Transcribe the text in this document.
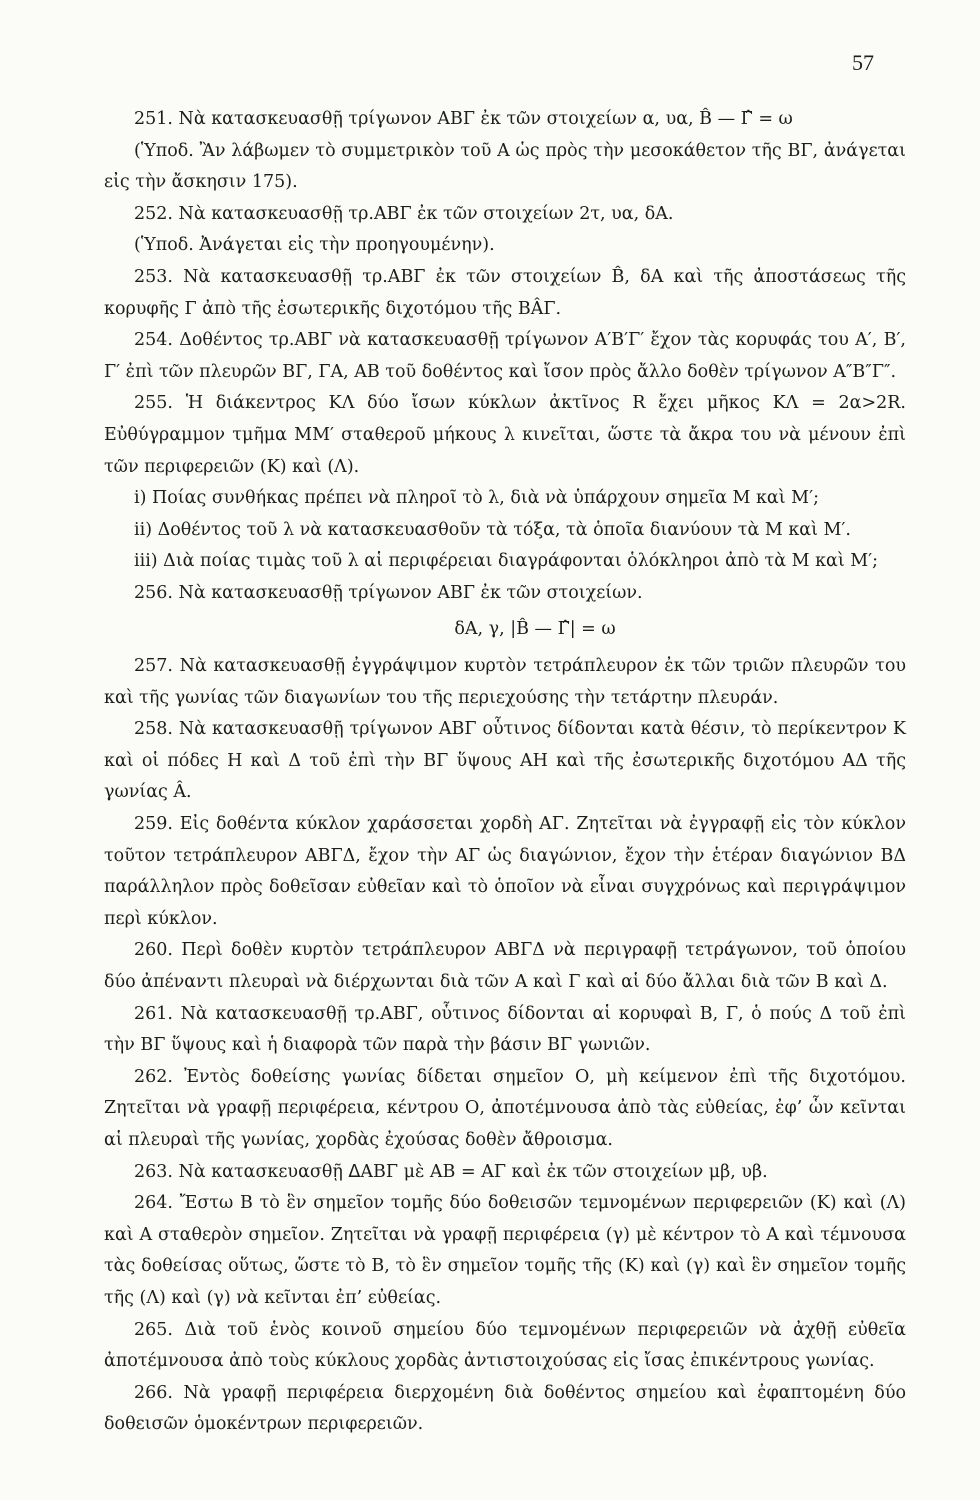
57

251. Νὰ κατασκευασθῇ τρίγωνον ΑΒΓ ἐκ τῶν στοιχείων α, υα, B̂ — Γ̂ = ω

(Ὑποδ. Ἂν λάβωμεν τὸ συμμετρικὸν τοῦ Α ὡς πρὸς τὴν μεσοκάθετον τῆς ΒΓ, ἀνάγεται εἰς τὴν ἄσκησιν 175).

252. Νὰ κατασκευασθῇ τρ.ΑΒΓ ἐκ τῶν στοιχείων 2τ, υα, δΑ.

(Ὑποδ. Ἀνάγεται εἰς τὴν προηγουμένην).

253. Νὰ κατασκευασθῇ τρ.ΑΒΓ ἐκ τῶν στοιχείων B̂, δΑ καὶ τῆς ἀποστάσεως τῆς κορυφῆς Γ ἀπὸ τῆς ἐσωτερικῆς διχοτόμου τῆς ΒÂΓ.

254. Δοθέντος τρ.ΑΒΓ νὰ κατασκευασθῇ τρίγωνον Α′Β′Γ′ ἔχον τὰς κορυφάς του Α′, Β′, Γ′ ἐπὶ τῶν πλευρῶν ΒΓ, ΓΑ, ΑΒ τοῦ δοθέντος καὶ ἴσον πρὸς ἄλλο δοθὲν τρίγωνον Α″Β″Γ″.

255. Ἡ διάκεντρος ΚΛ δύο ἴσων κύκλων ἀκτῖνος R ἔχει μῆκος ΚΛ = 2α>2R. Εὐθύγραμμον τμῆμα ΜΜ′ σταθεροῦ μήκους λ κινεῖται, ὥστε τὰ ἄκρα του νὰ μένουν ἐπὶ τῶν περιφερειῶν (Κ) καὶ (Λ).

i) Ποίας συνθήκας πρέπει νὰ πληροῖ τὸ λ, διὰ νὰ ὑπάρχουν σημεῖα Μ καὶ Μ′;

ii) Δοθέντος τοῦ λ νὰ κατασκευασθοῦν τὰ τόξα, τὰ ὁποῖα διανύουν τὰ Μ καὶ Μ′.

iii) Διὰ ποίας τιμὰς τοῦ λ αἱ περιφέρειαι διαγράφονται ὁλόκληροι ἀπὸ τὰ Μ καὶ Μ′;

256. Νὰ κατασκευασθῇ τρίγωνον ΑΒΓ ἐκ τῶν στοιχείων.

δΑ, γ, |B̂ — Γ̂| = ω

257. Νὰ κατασκευασθῇ ἐγγράψιμον κυρτὸν τετράπλευρον ἐκ τῶν τριῶν πλευρῶν του καὶ τῆς γωνίας τῶν διαγωνίων του τῆς περιεχούσης τὴν τετάρτην πλευράν.

258. Νὰ κατασκευασθῇ τρίγωνον ΑΒΓ οὗτινος δίδονται κατὰ θέσιν, τὸ περίκεντρον Κ καὶ οἱ πόδες Η καὶ Δ τοῦ ἐπὶ τὴν ΒΓ ὕψους ΑΗ καὶ τῆς ἐσωτερικῆς διχοτόμου ΑΔ τῆς γωνίας Â.

259. Εἰς δοθέντα κύκλον χαράσσεται χορδὴ ΑΓ. Ζητεῖται νὰ ἐγγραφῇ εἰς τὸν κύκλον τοῦτον τετράπλευρον ΑΒΓΔ, ἔχον τὴν ΑΓ ὡς διαγώνιον, ἔχον τὴν ἑτέραν διαγώνιον ΒΔ παράλληλον πρὸς δοθεῖσαν εὐθεῖαν καὶ τὸ ὁποῖον νὰ εἶναι συγχρόνως καὶ περιγράψιμον περὶ κύκλον.

260. Περὶ δοθὲν κυρτὸν τετράπλευρον ΑΒΓΔ νὰ περιγραφῇ τετράγωνον, τοῦ ὁποίου δύο ἀπέναντι πλευραὶ νὰ διέρχωνται διὰ τῶν Α καὶ Γ καὶ αἱ δύο ἄλλαι διὰ τῶν Β καὶ Δ.

261. Νὰ κατασκευασθῇ τρ.ΑΒΓ, οὗτινος δίδονται αἱ κορυφαὶ Β, Γ, ὁ πούς Δ τοῦ ἐπὶ τὴν ΒΓ ὕψους καὶ ἡ διαφορὰ τῶν παρὰ τὴν βάσιν ΒΓ γωνιῶν.

262. Ἐντὸς δοθείσης γωνίας δίδεται σημεῖον Ο, μὴ κείμενον ἐπὶ τῆς διχοτόμου. Ζητεῖται νὰ γραφῇ περιφέρεια, κέντρου Ο, ἀποτέμνουσα ἀπὸ τὰς εὐθείας, ἐφ’ ὧν κεῖνται αἱ πλευραὶ τῆς γωνίας, χορδὰς ἐχούσας δοθὲν ἄθροισμα.

263. Νὰ κατασκευασθῇ ᐃΑΒΓ μὲ ΑΒ = ΑΓ καὶ ἐκ τῶν στοιχείων μβ, υβ.

264. Ἔστω Β τὸ ἓν σημεῖον τομῆς δύο δοθεισῶν τεμνομένων περιφερειῶν (Κ) καὶ (Λ) καὶ Α σταθερὸν σημεῖον. Ζητεῖται νὰ γραφῇ περιφέρεια (γ) μὲ κέντρον τὸ Α καὶ τέμνουσα τὰς δοθείσας οὕτως, ὥστε τὸ Β, τὸ ἓν σημεῖον τομῆς τῆς (Κ) καὶ (γ) καὶ ἓν σημεῖον τομῆς τῆς (Λ) καὶ (γ) νὰ κεῖνται ἐπ’ εὐθείας.

265. Διὰ τοῦ ἑνὸς κοινοῦ σημείου δύο τεμνομένων περιφερειῶν νὰ ἀχθῇ εὐθεῖα ἀποτέμνουσα ἀπὸ τοὺς κύκλους χορδὰς ἀντιστοιχούσας εἰς ἴσας ἐπικέντρους γωνίας.

266. Νὰ γραφῇ περιφέρεια διερχομένη διὰ δοθέντος σημείου καὶ ἐφαπτομένη δύο δοθεισῶν ὁμοκέντρων περιφερειῶν.
